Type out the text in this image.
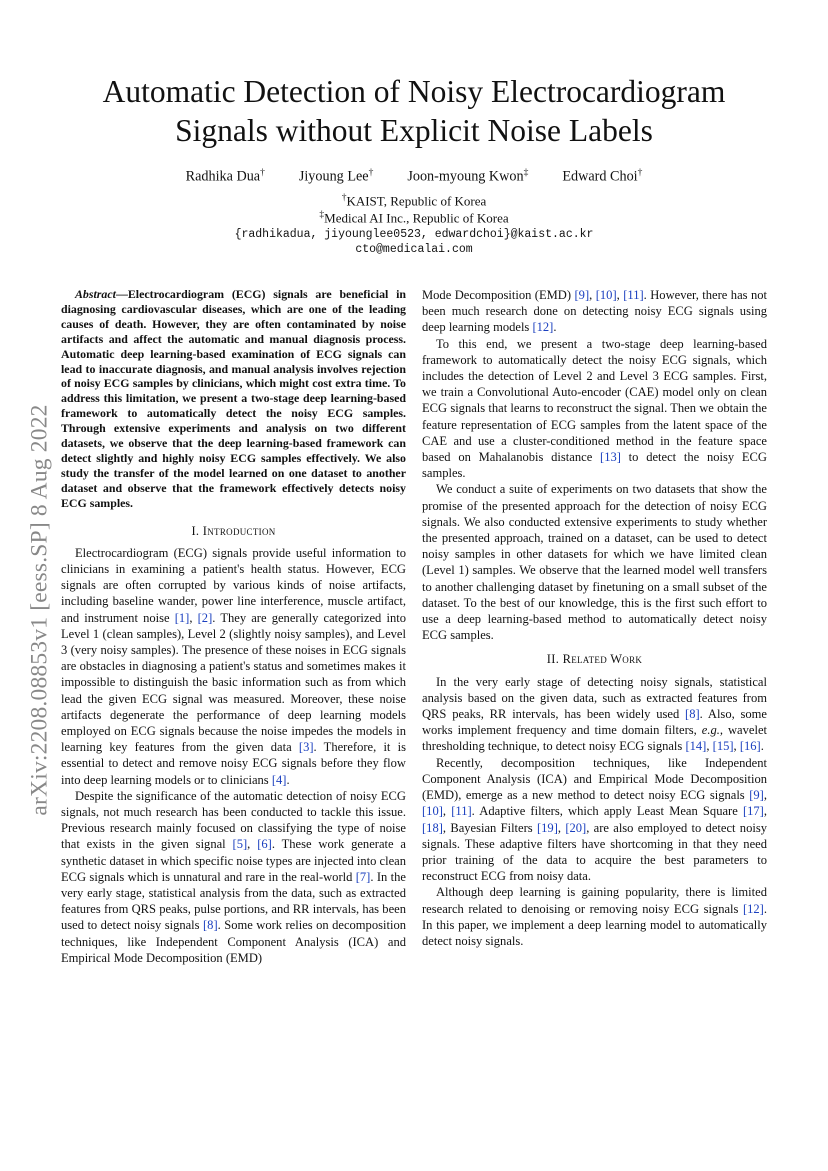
arXiv:2208.08853v1 [eess.SP] 8 Aug 2022
Automatic Detection of Noisy Electrocardiogram
Signals without Explicit Noise Labels
Radhika Dua† Jiyoung Lee† Joon-myoung Kwon‡ Edward Choi†
†KAIST, Republic of Korea
‡Medical AI Inc., Republic of Korea
{radhikadua, jiyounglee0523, edwardchoi}@kaist.ac.kr
cto@medicalai.com

Abstract—Electrocardiogram (ECG) signals are beneficial in diagnosing cardiovascular diseases, which are one of the leading causes of death. However, they are often contaminated by noise artifacts and affect the automatic and manual diagnosis process. Automatic deep learning-based examination of ECG signals can lead to inaccurate diagnosis, and manual analysis involves rejection of noisy ECG samples by clinicians, which might cost extra time. To address this limitation, we present a two-stage deep learning-based framework to automatically detect the noisy ECG samples. Through extensive experiments and analysis on two different datasets, we observe that the deep learning-based framework can detect slightly and highly noisy ECG samples effectively. We also study the transfer of the model learned on one dataset to another dataset and observe that the framework effectively detects noisy ECG samples.

I. Introduction

Electrocardiogram (ECG) signals provide useful information to clinicians in examining a patient's health status. However, ECG signals are often corrupted by various kinds of noise artifacts, including baseline wander, power line interference, muscle artifact, and instrument noise [1], [2]. They are generally categorized into Level 1 (clean samples), Level 2 (slightly noisy samples), and Level 3 (very noisy samples). The presence of these noises in ECG signals are obstacles in diagnosing a patient's status and sometimes makes it impossible to distinguish the basic information such as from which lead the given ECG signal was measured. Moreover, these noise artifacts degenerate the performance of deep learning models employed on ECG signals because the noise impedes the models in learning key features from the given data [3]. Therefore, it is essential to detect and remove noisy ECG signals before they flow into deep learning models or to clinicians [4].

Despite the significance of the automatic detection of noisy ECG signals, not much research has been conducted to tackle this issue. Previous research mainly focused on classifying the type of noise that exists in the given signal [5], [6]. These work generate a synthetic dataset in which specific noise types are injected into clean ECG signals which is unnatural and rare in the real-world [7]. In the very early stage, statistical analysis from the data, such as extracted features from QRS peaks, pulse portions, and RR intervals, has been used to detect noisy signals [8]. Some work relies on decomposition techniques, like Independent Component Analysis (ICA) and Empirical Mode Decomposition (EMD)

Mode Decomposition (EMD) [9], [10], [11]. However, there has not been much research done on detecting noisy ECG signals using deep learning models [12].

To this end, we present a two-stage deep learning-based framework to automatically detect the noisy ECG signals, which includes the detection of Level 2 and Level 3 ECG samples. First, we train a Convolutional Auto-encoder (CAE) model only on clean ECG signals that learns to reconstruct the signal. Then we obtain the feature representation of ECG samples from the latent space of the CAE and use a cluster-conditioned method in the feature space based on Mahalanobis distance [13] to detect the noisy ECG samples.

We conduct a suite of experiments on two datasets that show the promise of the presented approach for the detection of noisy ECG signals. We also conducted extensive experiments to study whether the presented approach, trained on a dataset, can be used to detect noisy samples in other datasets for which we have limited clean (Level 1) samples. We observe that the learned model well transfers to another challenging dataset by finetuning on a small subset of the dataset. To the best of our knowledge, this is the first such effort to use a deep learning-based method to automatically detect noisy ECG samples.

II. Related Work

In the very early stage of detecting noisy signals, statistical analysis based on the given data, such as extracted features from QRS peaks, RR intervals, has been widely used [8]. Also, some works implement frequency and time domain filters, e.g., wavelet thresholding technique, to detect noisy ECG signals [14], [15], [16].

Recently, decomposition techniques, like Independent Component Analysis (ICA) and Empirical Mode Decomposition (EMD), emerge as a new method to detect noisy ECG signals [9], [10], [11]. Adaptive filters, which apply Least Mean Square [17], [18], Bayesian Filters [19], [20], are also employed to detect noisy signals. These adaptive filters have shortcoming in that they need prior training of the data to acquire the best parameters to reconstruct ECG from noisy data.

Although deep learning is gaining popularity, there is limited research related to denoising or removing noisy ECG signals [12]. In this paper, we implement a deep learning model to automatically detect noisy signals.
